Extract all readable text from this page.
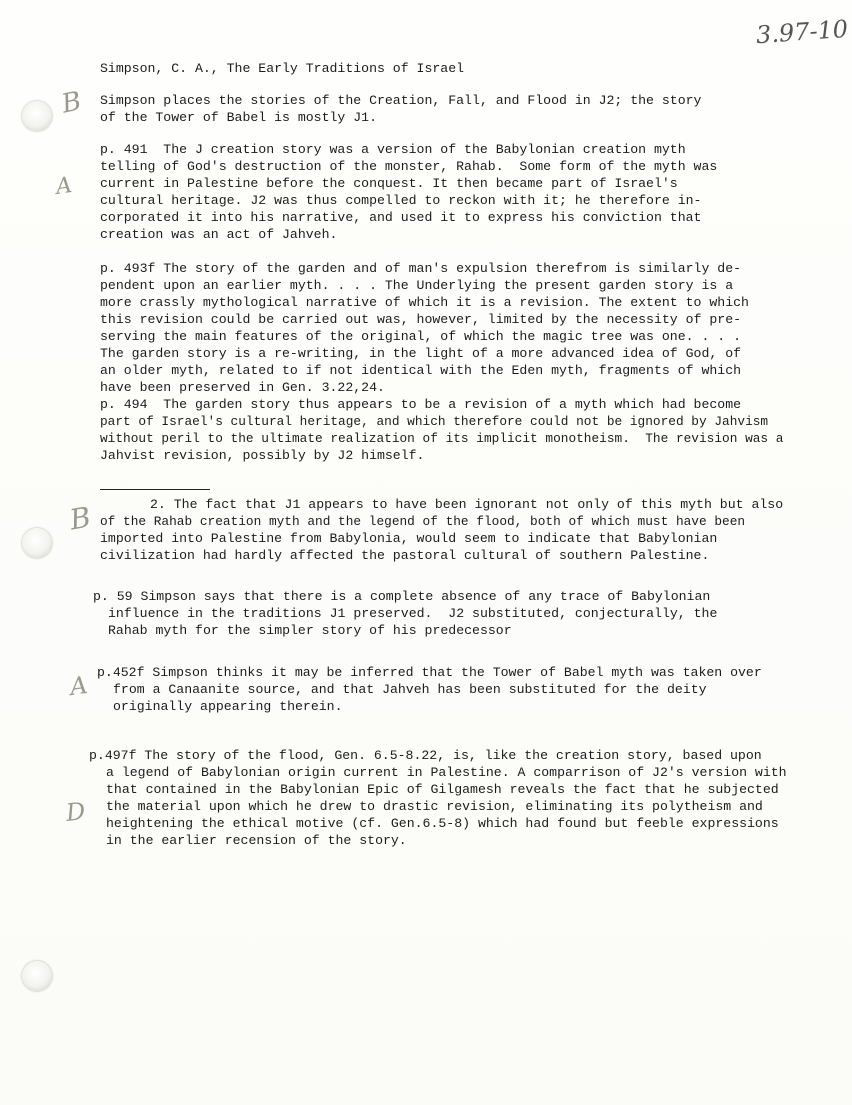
3.97-10
B
A
B
A
D
Simpson, C. A., The Early Traditions of Israel
Simpson places the stories of the Creation, Fall, and Flood in J2; the story
of the Tower of Babel is mostly J1.
p. 491  The J creation story was a version of the Babylonian creation myth
telling of God's destruction of the monster, Rahab.  Some form of the myth was
current in Palestine before the conquest. It then became part of Israel's
cultural heritage. J2 was thus compelled to reckon with it; he therefore in-
corporated it into his narrative, and used it to express his conviction that
creation was an act of Jahveh.
p. 493f The story of the garden and of man's expulsion therefrom is similarly de-
pendent upon an earlier myth. . . . The Underlying the present garden story is a
more crassly mythological narrative of which it is a revision. The extent to which
this revision could be carried out was, however, limited by the necessity of pre-
serving the main features of the original, of which the magic tree was one. . . .
The garden story is a re-writing, in the light of a more advanced idea of God, of
an older myth, related to if not identical with the Eden myth, fragments of which
have been preserved in Gen. 3.22,24.
p. 494  The garden story thus appears to be a revision of a myth which had become
part of Israel's cultural heritage, and which therefore could not be ignored by Jahvism
without peril to the ultimate realization of its implicit monotheism.  The revision was a
Jahvist revision, possibly by J2 himself.
2. The fact that J1 appears to have been ignorant not only of this myth but also
of the Rahab creation myth and the legend of the flood, both of which must have been
imported into Palestine from Babylonia, would seem to indicate that Babylonian
civilization had hardly affected the pastoral cultural of southern Palestine.
p. 59 Simpson says that there is a complete absence of any trace of Babylonian
influence in the traditions J1 preserved.  J2 substituted, conjecturally, the
Rahab myth for the simpler story of his predecessor
p.452f Simpson thinks it may be inferred that the Tower of Babel myth was taken over
from a Canaanite source, and that Jahveh has been substituted for the deity
originally appearing therein.
p.497f The story of the flood, Gen. 6.5-8.22, is, like the creation story, based upon
a legend of Babylonian origin current in Palestine. A comparrison of J2's version with
that contained in the Babylonian Epic of Gilgamesh reveals the fact that he subjected
the material upon which he drew to drastic revision, eliminating its polytheism and
heightening the ethical motive (cf. Gen.6.5-8) which had found but feeble expressions
in the earlier recension of the story.
